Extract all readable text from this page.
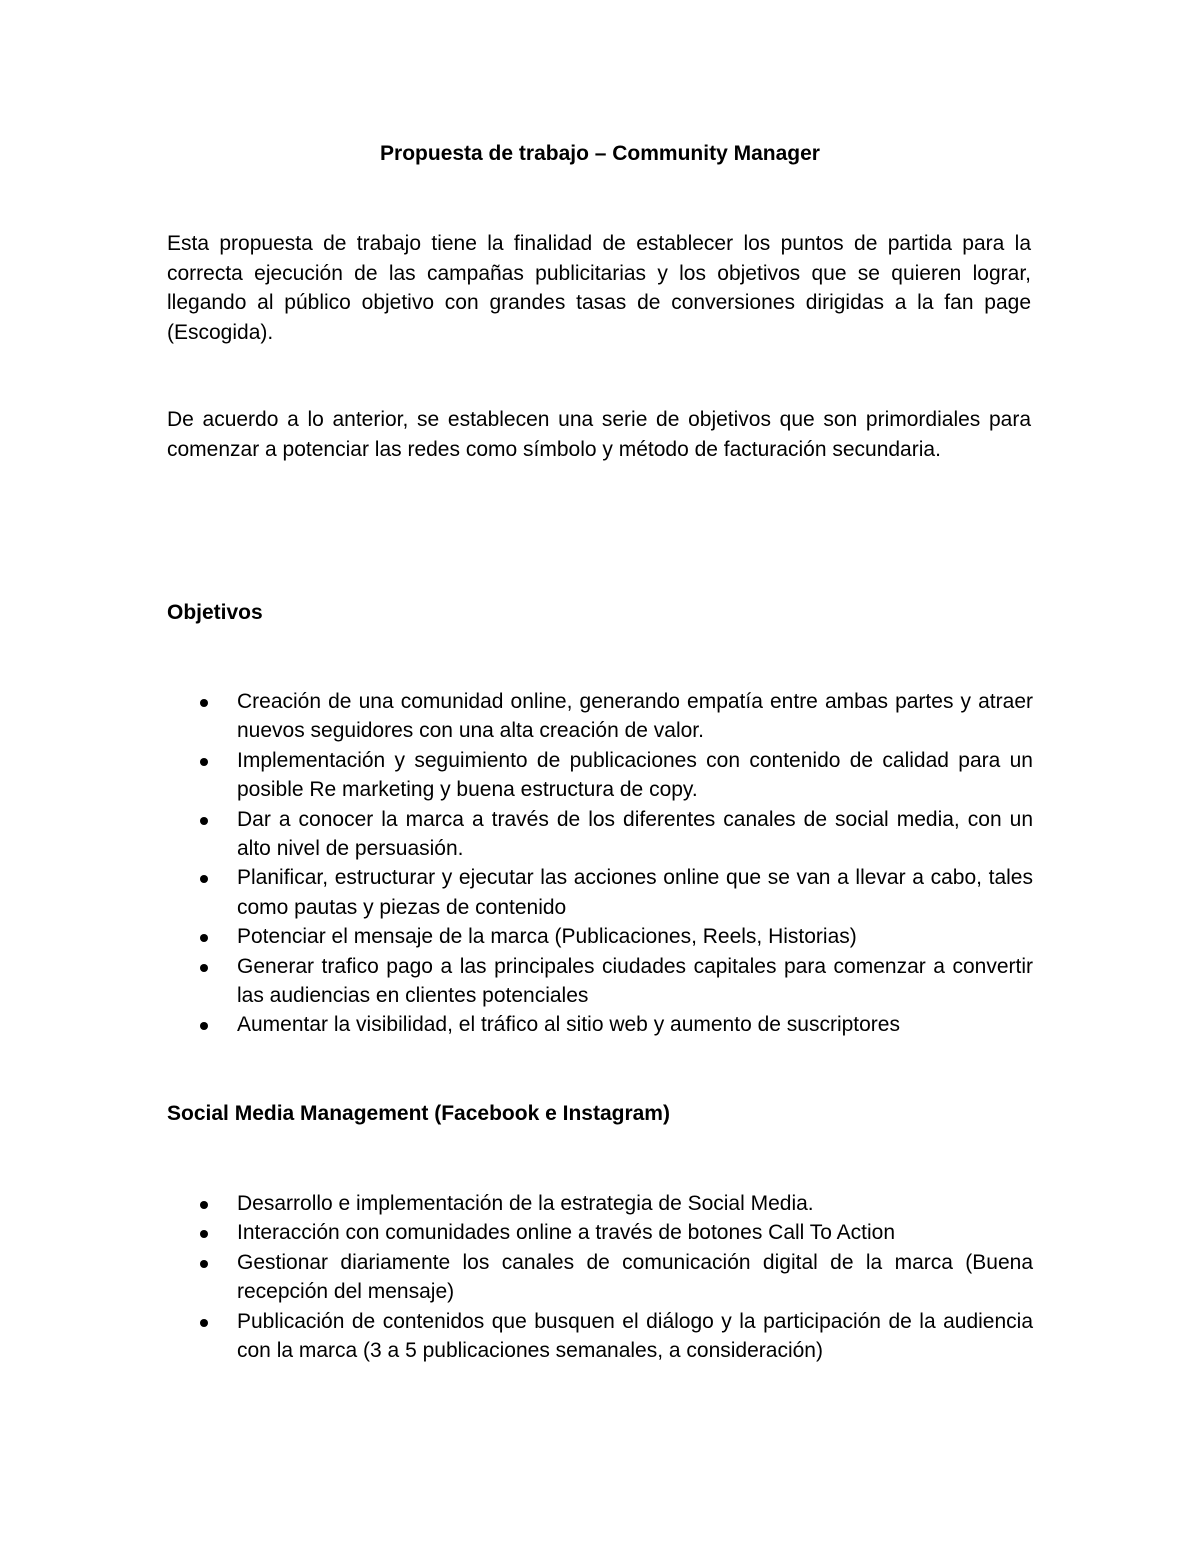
Propuesta de trabajo – Community Manager

Esta propuesta de trabajo tiene la finalidad de establecer los puntos de partida para la correcta ejecución de las campañas publicitarias y los objetivos que se quieren lograr, llegando al público objetivo con grandes tasas de conversiones dirigidas a la fan page (Escogida).

De acuerdo a lo anterior, se establecen una serie de objetivos que son primordiales para comenzar a potenciar las redes como símbolo y método de facturación secundaria.

Objetivos
Creación de una comunidad online, generando empatía entre ambas partes y atraer nuevos seguidores con una alta creación de valor.
Implementación y seguimiento de publicaciones con contenido de calidad para un posible Re marketing y buena estructura de copy.
Dar a conocer la marca a través de los diferentes canales de social media, con un alto nivel de persuasión.
Planificar, estructurar y ejecutar las acciones online que se van a llevar a cabo, tales como pautas y piezas de contenido
Potenciar el mensaje de la marca (Publicaciones, Reels, Historias)
Generar trafico pago a las principales ciudades capitales para comenzar a convertir las audiencias en clientes potenciales
Aumentar la visibilidad, el tráfico al sitio web y aumento de suscriptores
Social Media Management (Facebook e Instagram)
Desarrollo e implementación de la estrategia de Social Media.
Interacción con comunidades online a través de botones Call To Action
Gestionar diariamente los canales de comunicación digital de la marca (Buena recepción del mensaje)
Publicación de contenidos que busquen el diálogo y la participación de la audiencia con la marca (3 a 5 publicaciones semanales, a consideración)
